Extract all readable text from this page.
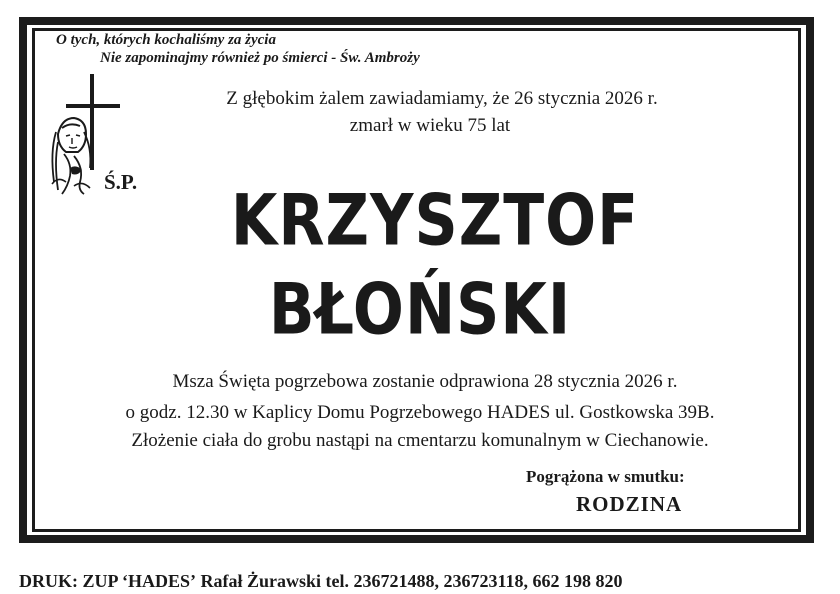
O tych, których kochaliśmy za życia
Nie zapominajmy również po śmierci - Św. Ambroży
Z głębokim żalem zawiadamiamy, że 26 stycznia 2026 r.
zmarł w wieku 75 lat
Ś.P.	KRZYSZTOF
BŁOŃSKI
Msza Święta pogrzebowa zostanie odprawiona 28 stycznia 2026 r.
o godz. 12.30 w Kaplicy Domu Pogrzebowego HADES ul. Gostkowska 39B.
Złożenie ciała do grobu nastąpi na cmentarzu komunalnym w Ciechanowie.
Pogrążona w smutku:
RODZINA
DRUK: ZUP ‘HADES’ Rafał Żurawski tel. 236721488, 236723118, 662 198 820
